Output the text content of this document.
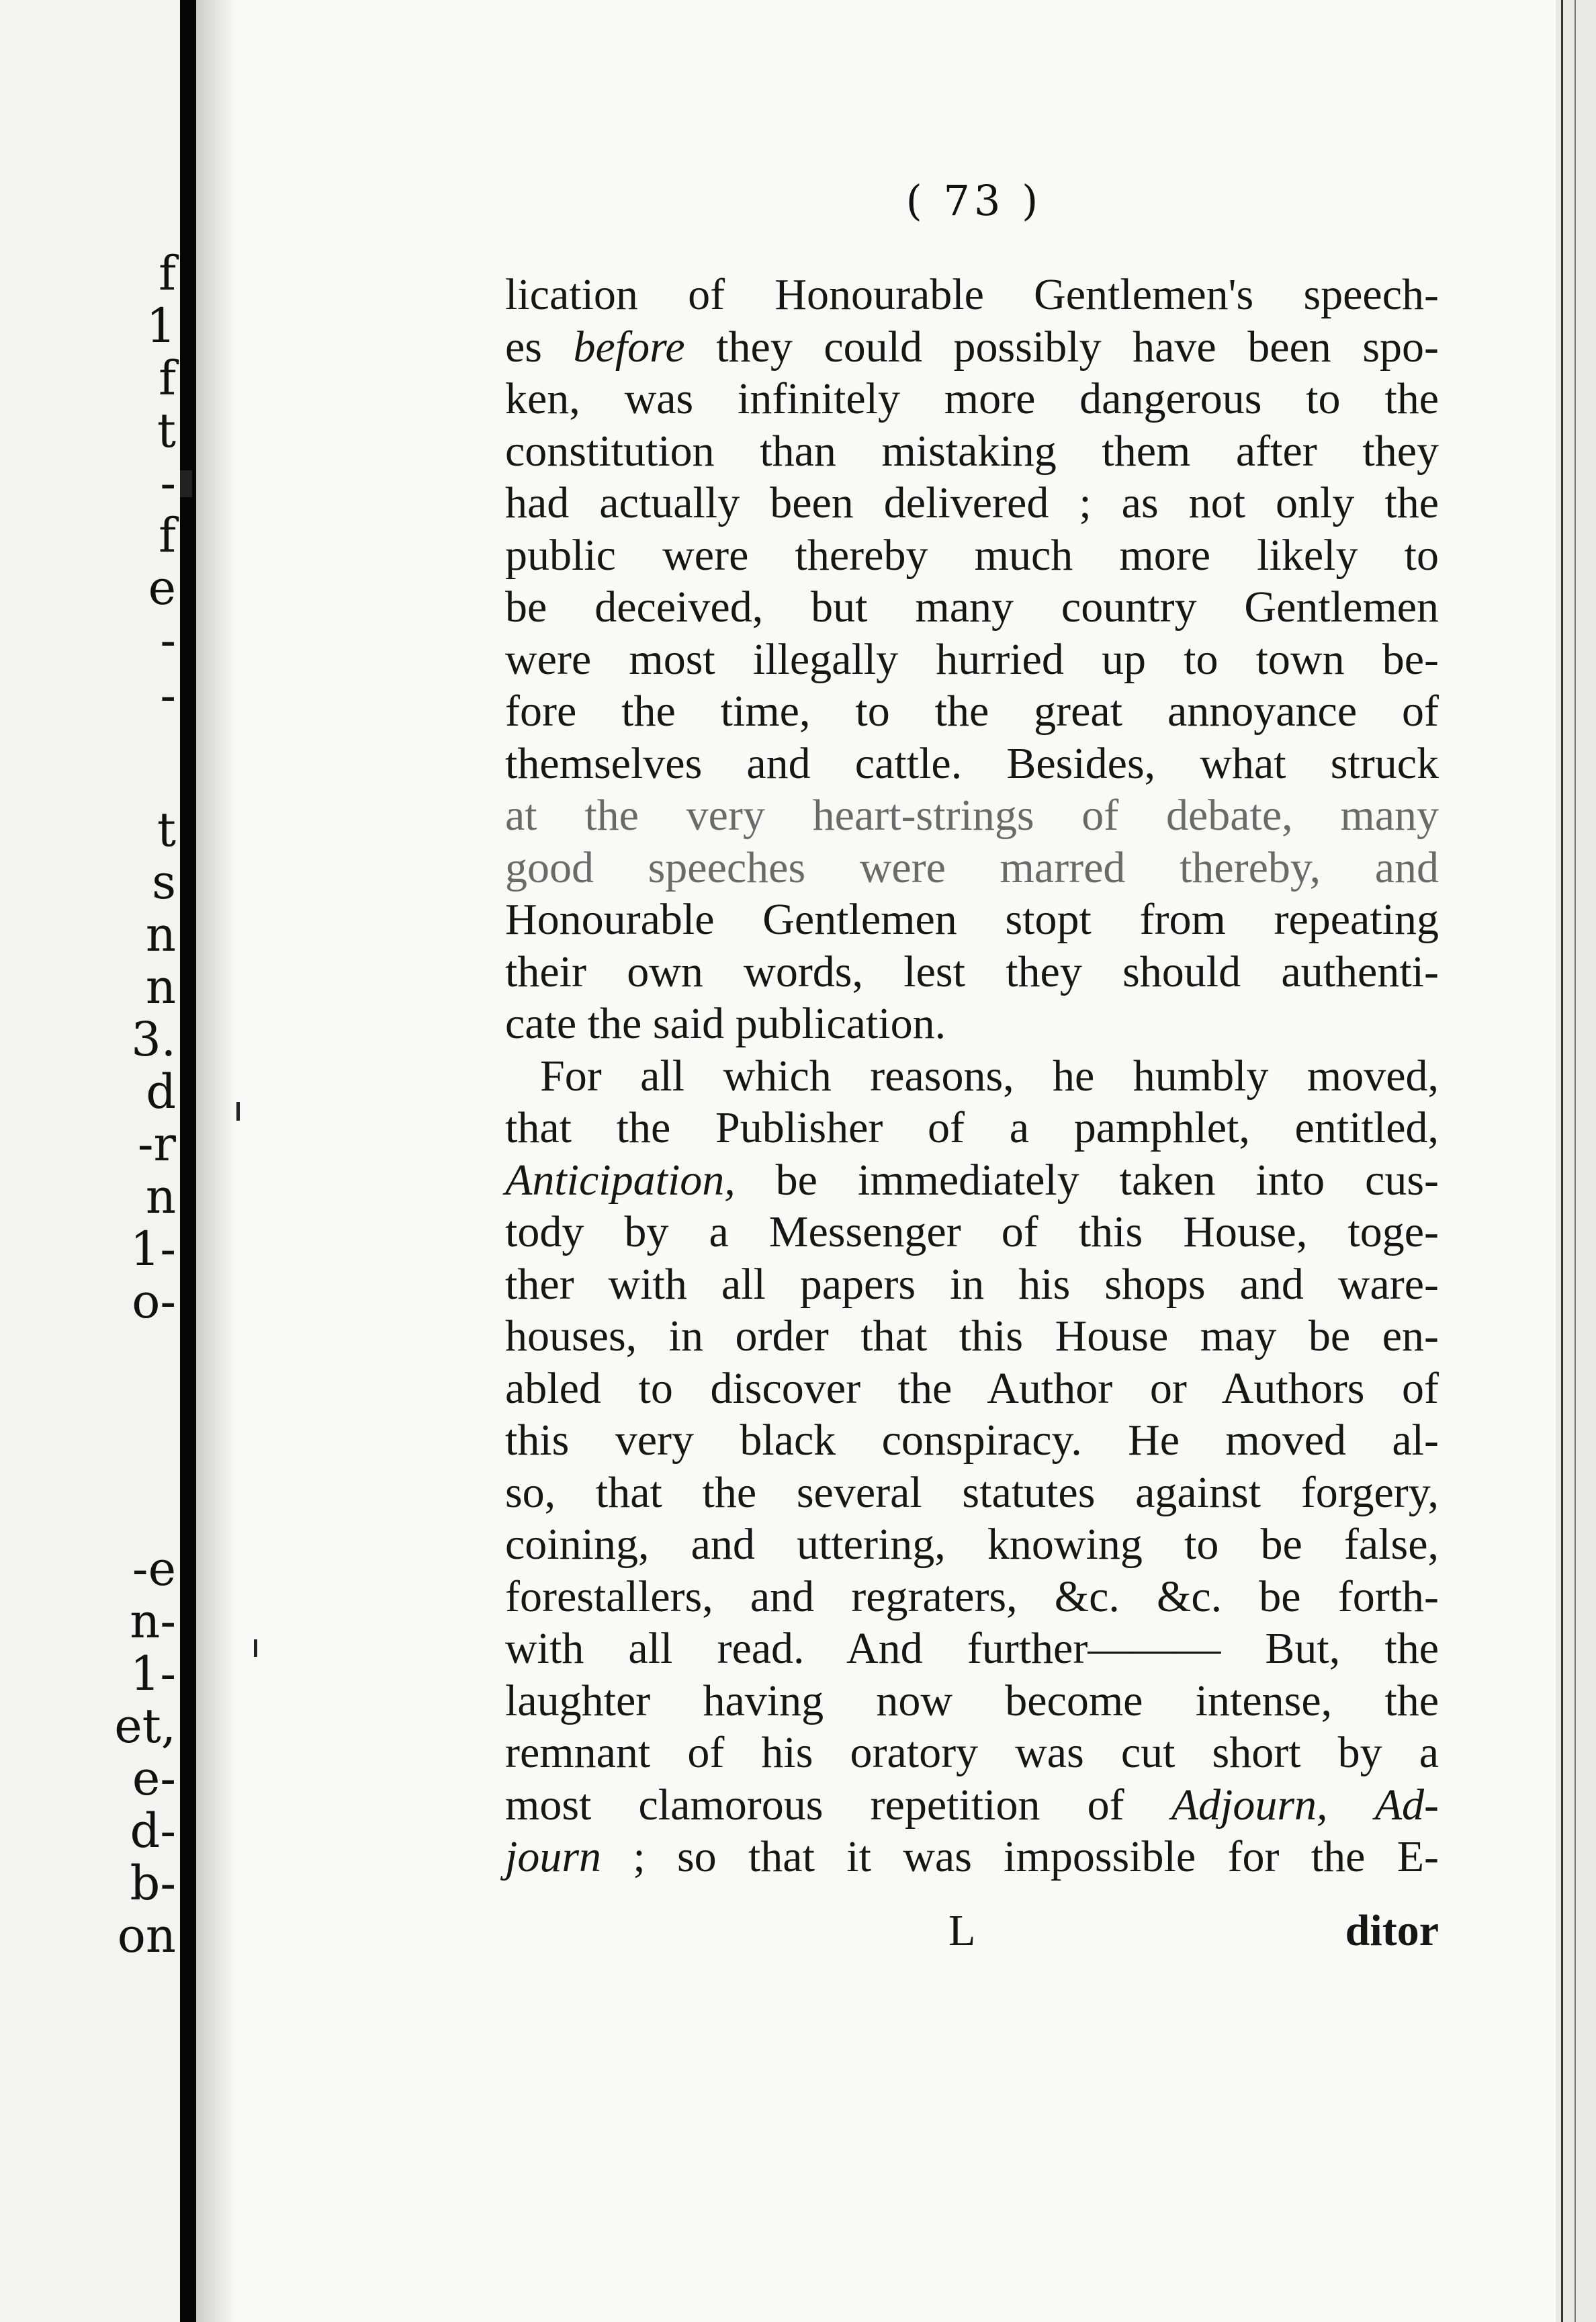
f
1
f
t
-
f
e
-
-
t
s
n
n
3.
d
-r
n
1-
o-
-e
n-
1-
et,
e-
d-
b-
on
( 73 )
lication of Honourable Gentlemen's speech-
es before they could possibly have been spo-
ken, was infinitely more dangerous to the
constitution than mistaking them after they
had actually been delivered ; as not only the
public were thereby much more likely to
be deceived, but many country Gentlemen
were most illegally hurried up to town be-
fore the time, to the great annoyance of
themselves and cattle. Besides, what struck
at the very heart-strings of debate, many
good speeches were marred thereby, and
Honourable Gentlemen stopt from repeating
their own words, lest they should authenti-
cate the said publication.
For all which reasons, he humbly moved,
that the Publisher of a pamphlet, entitled,
Anticipation, be immediately taken into cus-
tody by a Messenger of this House, toge-
ther with all papers in his shops and ware-
houses, in order that this House may be en-
abled to discover the Author or Authors of
this very black conspiracy. He moved al-
so, that the several statutes against forgery,
coining, and uttering, knowing to be false,
forestallers, and regraters, &c. &c. be forth-
with all read. And further——— But, the
laughter having now become intense, the
remnant of his oratory was cut short by a
most clamorous repetition of Adjourn, Ad-
journ ; so that it was impossible for the E-
L	ditor
